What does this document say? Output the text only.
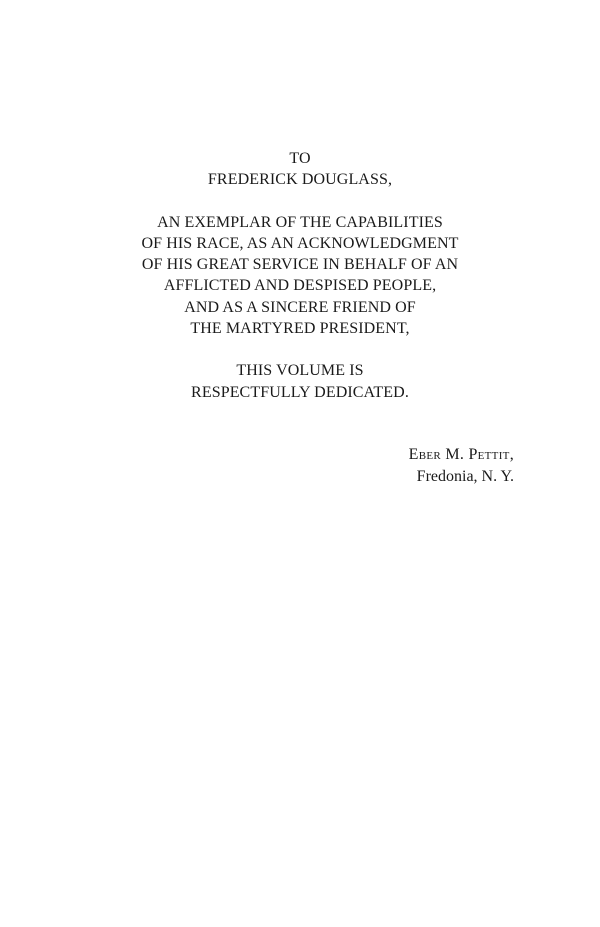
TO
FREDERICK DOUGLASS,
AN EXEMPLAR OF THE CAPABILITIES
OF HIS RACE, AS AN ACKNOWLEDGMENT
OF HIS GREAT SERVICE IN BEHALF OF AN
AFFLICTED AND DESPISED PEOPLE,
AND AS A SINCERE FRIEND OF
THE MARTYRED PRESIDENT,
THIS VOLUME IS
RESPECTFULLY DEDICATED.
Eber M. Pettit,
Fredonia, N. Y.
